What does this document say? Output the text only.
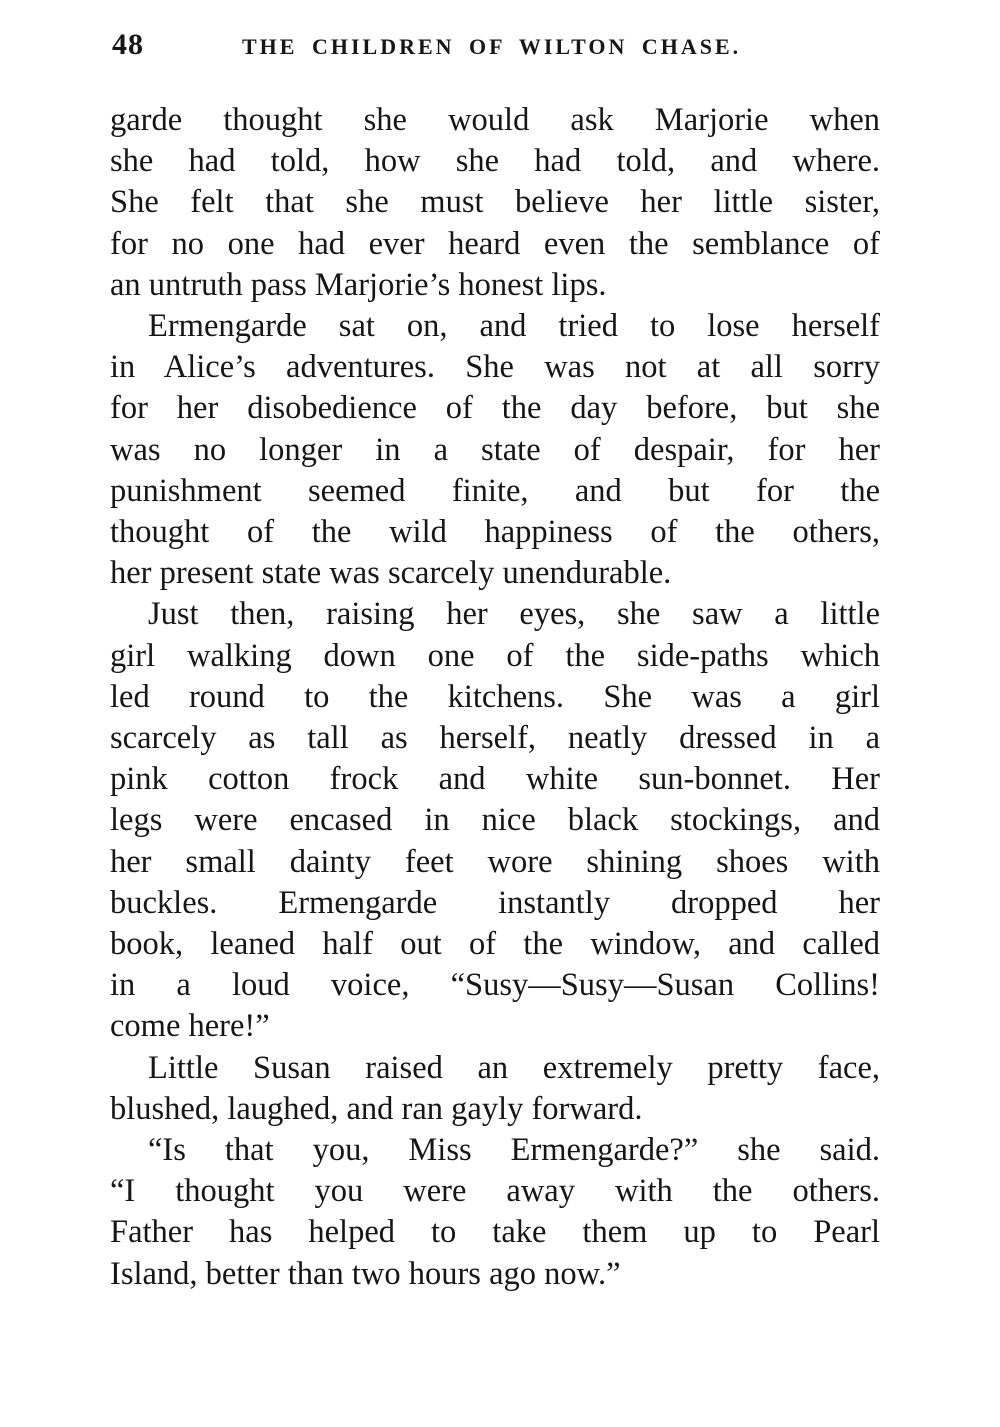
48	THE CHILDREN OF WILTON CHASE.
garde thought she would ask Marjorie when
she had told, how she had told, and where.
She felt that she must believe her little sister,
for no one had ever heard even the semblance of
an untruth pass Marjorie’s honest lips.
Ermengarde sat on, and tried to lose herself
in Alice’s adventures. She was not at all sorry
for her disobedience of the day before, but she
was no longer in a state of despair, for her
punishment seemed finite, and but for the
thought of the wild happiness of the others,
her present state was scarcely unendurable.
Just then, raising her eyes, she saw a little
girl walking down one of the side-paths which
led round to the kitchens. She was a girl
scarcely as tall as herself, neatly dressed in a
pink cotton frock and white sun-bonnet. Her
legs were encased in nice black stockings, and
her small dainty feet wore shining shoes with
buckles. Ermengarde instantly dropped her
book, leaned half out of the window, and called
in a loud voice, “Susy—Susy—Susan Collins!
come here!”
Little Susan raised an extremely pretty face,
blushed, laughed, and ran gayly forward.
“Is that you, Miss Ermengarde?” she said.
“I thought you were away with the others.
Father has helped to take them up to Pearl
Island, better than two hours ago now.”
